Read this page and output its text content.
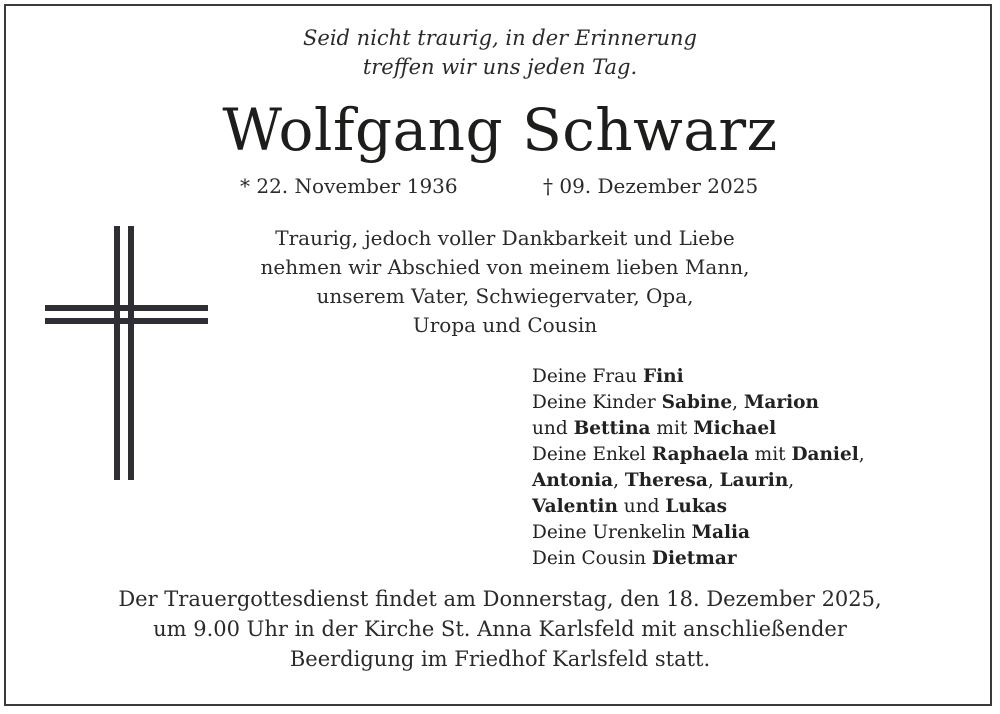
Seid nicht traurig, in der Erinnerung
treffen wir uns jeden Tag.
Wolfgang Schwarz
* 22. November 1936	† 09. Dezember 2025
Traurig, jedoch voller Dankbarkeit und Liebe
nehmen wir Abschied von meinem lieben Mann,
unserem Vater, Schwiegervater, Opa,
Uropa und Cousin
Deine Frau Fini
Deine Kinder Sabine, Marion
und Bettina mit Michael
Deine Enkel Raphaela mit Daniel,
Antonia, Theresa, Laurin,
Valentin und Lukas
Deine Urenkelin Malia
Dein Cousin Dietmar
Der Trauergottesdienst findet am Donnerstag, den 18. Dezember 2025,
um 9.00 Uhr in der Kirche St. Anna Karlsfeld mit anschließender
Beerdigung im Friedhof Karlsfeld statt.
